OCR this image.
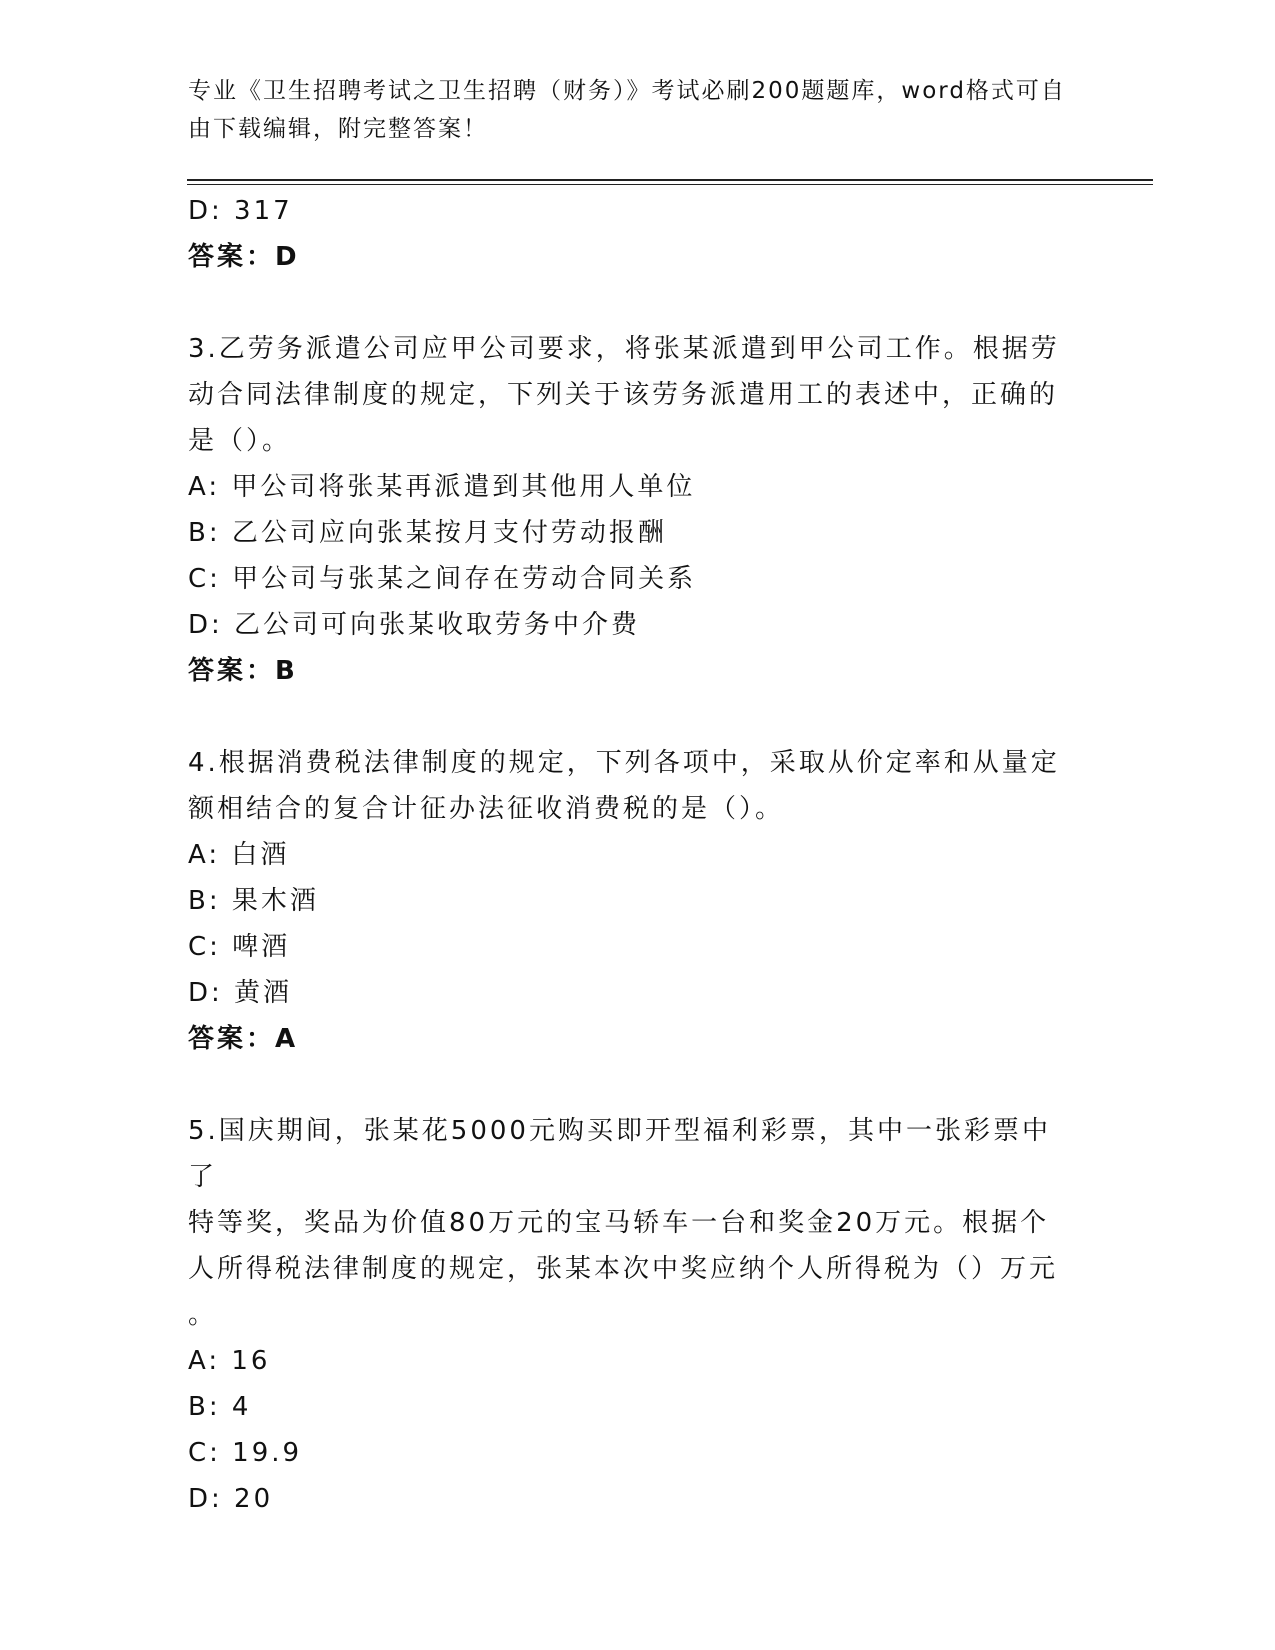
专业《卫生招聘考试之卫生招聘（财务）》考试必刷200题题库，word格式可自由下载编辑，附完整答案！

D: 317

答案：D

3.乙劳务派遣公司应甲公司要求，将张某派遣到甲公司工作。根据劳

动合同法律制度的规定，下列关于该劳务派遣用工的表述中，正确的

是（）。

A: 甲公司将张某再派遣到其他用人单位

B: 乙公司应向张某按月支付劳动报酬

C: 甲公司与张某之间存在劳动合同关系

D: 乙公司可向张某收取劳务中介费

答案：B

4.根据消费税法律制度的规定，下列各项中，采取从价定率和从量定

额相结合的复合计征办法征收消费税的是（）。

A: 白酒

B: 果木酒

C: 啤酒

D: 黄酒

答案：A

5.国庆期间，张某花5000元购买即开型福利彩票，其中一张彩票中了

特等奖，奖品为价值80万元的宝马轿车一台和奖金20万元。根据个

人所得税法律制度的规定，张某本次中奖应纳个人所得税为（）万元

。

A: 16

B: 4

C: 19.9

D: 20
